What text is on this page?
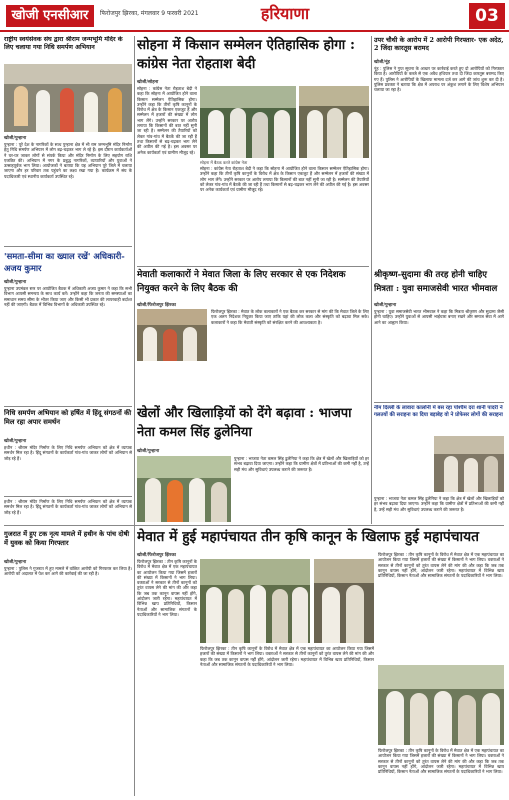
खोजी एनसीआर	फिरोजपुर झिरका, मंगलवार 9 फरवरी 2021	हरियाणा	03
राष्ट्रीय स्वयंसेवक संघ द्वारा श्रीराम जन्मभूमि मंदिर के लिए चलाया गया निधि समर्पण अभियान
खोजी/पुन्हाना
पुन्हाना : पूरे देश के नागरिकों के साथ पुन्हाना क्षेत्र में भी राम जन्मभूमि मंदिर निर्माण हेतु निधि समर्पण अभियान में लोग बढ़-चढ़कर भाग ले रहे हैं। इस दौरान कार्यकर्ताओं ने घर-घर जाकर लोगों से संपर्क किया और मंदिर निर्माण के लिए सहयोग राशि एकत्रित की। अभियान में नगर के प्रबुद्ध नागरिकों, व्यापारियों और युवाओं ने उत्साहपूर्वक भाग लिया। आयोजकों ने बताया कि यह अभियान पूरे जिले में चलाया जाएगा और हर परिवार तक पहुंचने का लक्ष्य रखा गया है। कार्यक्रम में संघ के पदाधिकारी एवं स्थानीय कार्यकर्ता उपस्थित रहे।
'समता-सीमा का ख्याल रखें' अधिकारी-अजय कुमार
खोजी/पुन्हाना
पुन्हाना उपमंडल स्तर पर आयोजित बैठक में अधिकारी अजय कुमार ने कहा कि सभी विभाग आपसी समन्वय के साथ कार्य करें। उन्होंने कहा कि जनता की समस्याओं का समाधान समय सीमा के भीतर किया जाए और किसी भी प्रकार की लापरवाही बर्दाश्त नहीं की जाएगी। बैठक में विभिन्न विभागों के अधिकारी उपस्थित रहे।
निधि समर्पण अभियान को हर्षित में हिंदू संगठनों की मिल रहा अपार समर्थन
खोजी/पुन्हाना
हथीन : श्रीराम मंदिर निर्माण के लिए निधि समर्पण अभियान को क्षेत्र में व्यापक समर्थन मिल रहा है। हिंदू संगठनों के कार्यकर्ता गांव-गांव जाकर लोगों को अभियान से जोड़ रहे हैं।
सोहना में किसान सम्मेलन ऐतिहासिक होगा : कांग्रेस नेता रोहताश बेदी
खोजी/सोहना
सोहना : कांग्रेस नेता रोहताश बेदी ने कहा कि सोहना में आयोजित होने वाला किसान सम्मेलन ऐतिहासिक होगा। उन्होंने कहा कि तीनों कृषि कानूनों के विरोध में क्षेत्र के किसान एकजुट हैं और सम्मेलन में हजारों की संख्या में लोग भाग लेंगे। उन्होंने सरकार पर आरोप लगाया कि किसानों की बात नहीं सुनी जा रही है। सम्मेलन की तैयारियों को लेकर गांव-गांव में बैठकें की जा रही हैं तथा किसानों से बढ़-चढ़कर भाग लेने की अपील की गई है। इस अवसर पर अनेक कार्यकर्ता एवं ग्रामीण मौजूद रहे।
सोहना में बैठक करते कांग्रेस नेता
सोहना : कांग्रेस नेता रोहताश बेदी ने कहा कि सोहना में आयोजित होने वाला किसान सम्मेलन ऐतिहासिक होगा। उन्होंने कहा कि तीनों कृषि कानूनों के विरोध में क्षेत्र के किसान एकजुट हैं और सम्मेलन में हजारों की संख्या में लोग भाग लेंगे। उन्होंने सरकार पर आरोप लगाया कि किसानों की बात नहीं सुनी जा रही है। सम्मेलन की तैयारियों को लेकर गांव-गांव में बैठकें की जा रही हैं तथा किसानों से बढ़-चढ़कर भाग लेने की अपील की गई है। इस अवसर पर अनेक कार्यकर्ता एवं ग्रामीण मौजूद रहे।
मेवाती कलाकारों ने मेवात जिला के लिए सरकार से एक निदेशक नियुक्त करने के लिए बैठक की
खोजी/फिरोजपुर झिरका
फिरोजपुर झिरका : मेवात के लोक कलाकारों ने एक बैठक कर सरकार से मांग की कि मेवात जिले के लिए एक अलग निदेशक नियुक्त किया जाए ताकि यहां की लोक कला और संस्कृति को बढ़ावा मिल सके। कलाकारों ने कहा कि मेवाती संस्कृति को संरक्षित करने की आवश्यकता है।
उपर चौथी के आरोप में 2 आरोपी गिरफ्तार- एक अदेठ, 2 जिंदा कारतूस बरामद
खोजी/नूंह
नूंह : पुलिस ने गुप्त सूचना के आधार पर कार्रवाई करते हुए दो आरोपियों को गिरफ्तार किया है। आरोपियों के कब्जे से एक अवैध हथियार तथा दो जिंदा कारतूस बरामद किए गए हैं। पुलिस ने आरोपियों के खिलाफ मामला दर्ज कर आगे की जांच शुरू कर दी है। पुलिस प्रवक्ता ने बताया कि क्षेत्र में अपराध पर अंकुश लगाने के लिए विशेष अभियान चलाया जा रहा है।
श्रीकृष्ण-सुदामा की तरह होनी चाहिए मित्रता : युवा समाजसेवी भारत भीमवाल
खोजी/पुन्हाना
पुन्हाना : युवा समाजसेवी भारत भीमवाल ने कहा कि मित्रता श्रीकृष्ण और सुदामा जैसी होनी चाहिए। उन्होंने युवाओं से आपसी भाईचारा बनाए रखने और समाज सेवा में आगे आने का आह्वान किया।
नीम दिल्ली के लावारा कालोनी में बस रहा पश्चिम दरा शानी पादरी ने गलतयों की सराहना का दिया बड़ाबेह वो ने प्रोफेसर लोगों की सराहना
खेलों और खिलाड़ियों को देंगे बढ़ावा : भाजपा नेता कमल सिंह ढुलेनिया
खोजी/पुन्हाना
पुन्हाना : भाजपा नेता कमल सिंह ढुलेनिया ने कहा कि क्षेत्र में खेलों और खिलाड़ियों को हर संभव बढ़ावा दिया जाएगा। उन्होंने कहा कि ग्रामीण क्षेत्रों में प्रतिभाओं की कमी नहीं है, उन्हें सही मंच और सुविधाएं उपलब्ध कराने की जरूरत है।
पुन्हाना : भाजपा नेता कमल सिंह ढुलेनिया ने कहा कि क्षेत्र में खेलों और खिलाड़ियों को हर संभव बढ़ावा दिया जाएगा। उन्होंने कहा कि ग्रामीण क्षेत्रों में प्रतिभाओं की कमी नहीं है, उन्हें सही मंच और सुविधाएं उपलब्ध कराने की जरूरत है।
हथीन : श्रीराम मंदिर निर्माण के लिए निधि समर्पण अभियान को क्षेत्र में व्यापक समर्थन मिल रहा है। हिंदू संगठनों के कार्यकर्ता गांव-गांव जाकर लोगों को अभियान से जोड़ रहे हैं।
मेवात में हुई महापंचायत तीन कृषि कानून के खिलाफ हुई महापंचायत
गुजरात में हुए टक नृत्य मामले में हथीन के पांच दोषी में युवक को किया गिरफ्तार
खोजी/पुन्हाना
पुन्हाना : पुलिस ने गुजरात में हुए मामले में वांछित आरोपी को गिरफ्तार कर लिया है। आरोपी को अदालत में पेश कर आगे की कार्रवाई की जा रही है।
खोजी/फिरोजपुर झिरका
फिरोजपुर झिरका : तीन कृषि कानूनों के विरोध में मेवात क्षेत्र में एक महापंचायत का आयोजन किया गया जिसमें हजारों की संख्या में किसानों ने भाग लिया। वक्ताओं ने सरकार से तीनों कानूनों को तुरंत वापस लेने की मांग की और कहा कि जब तक कानून वापस नहीं होंगे, आंदोलन जारी रहेगा। महापंचायत में विभिन्न खाप प्रतिनिधियों, किसान नेताओं और सामाजिक संगठनों के पदाधिकारियों ने भाग लिया।
फिरोजपुर झिरका : तीन कृषि कानूनों के विरोध में मेवात क्षेत्र में एक महापंचायत का आयोजन किया गया जिसमें हजारों की संख्या में किसानों ने भाग लिया। वक्ताओं ने सरकार से तीनों कानूनों को तुरंत वापस लेने की मांग की और कहा कि जब तक कानून वापस नहीं होंगे, आंदोलन जारी रहेगा। महापंचायत में विभिन्न खाप प्रतिनिधियों, किसान नेताओं और सामाजिक संगठनों के पदाधिकारियों ने भाग लिया।
फिरोजपुर झिरका : तीन कृषि कानूनों के विरोध में मेवात क्षेत्र में एक महापंचायत का आयोजन किया गया जिसमें हजारों की संख्या में किसानों ने भाग लिया। वक्ताओं ने सरकार से तीनों कानूनों को तुरंत वापस लेने की मांग की और कहा कि जब तक कानून वापस नहीं होंगे, आंदोलन जारी रहेगा। महापंचायत में विभिन्न खाप प्रतिनिधियों, किसान नेताओं और सामाजिक संगठनों के पदाधिकारियों ने भाग लिया।
फिरोजपुर झिरका : तीन कृषि कानूनों के विरोध में मेवात क्षेत्र में एक महापंचायत का आयोजन किया गया जिसमें हजारों की संख्या में किसानों ने भाग लिया। वक्ताओं ने सरकार से तीनों कानूनों को तुरंत वापस लेने की मांग की और कहा कि जब तक कानून वापस नहीं होंगे, आंदोलन जारी रहेगा। महापंचायत में विभिन्न खाप प्रतिनिधियों, किसान नेताओं और सामाजिक संगठनों के पदाधिकारियों ने भाग लिया।
